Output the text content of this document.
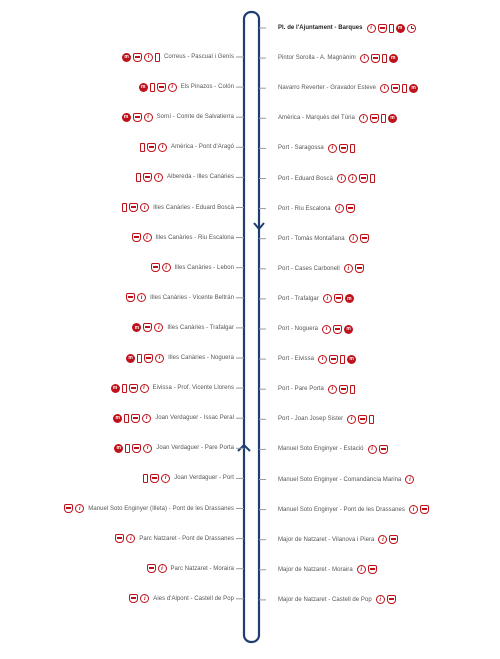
Pl. de l'Ajuntament - Barques	i	m
Pintor Sorolla - A. Magnànim	i	m
Navarro Reverter - Gravador Esteve	i	m
Amèrica - Marquès del Túria	i	m
Port - Saragossa	i
Port - Eduard Boscà	i	i
Port - Riu Escalona	i
Port - Tomàs Montañana	i
Port - Cases Carbonell	i
Port - Trafalgar	i	m
Port - Noguera	i	m
Port - Eivissa	i	m
Port - Pare Porta	i
Port - Joan Josep Sister	i
Manuel Soto Enginyer - Estació	i
Manuel Soto Enginyer - Comandància Marina	i
Manuel Soto Enginyer - Pont de les Drassanes	i
Major de Natzaret - Vilanova i Piera	i
Major de Natzaret - Moraira	i
Major de Natzaret - Castell de Pop	i
m	i	Correus - Pascual i Genís
m	i	Els Pinazos - Colón
m	i	Sorní - Comte de Salvatierra
i	Amèrica - Pont d'Aragó
i	Albereda - Illes Canàries
i	Illes Canàries - Eduard Boscà
i	Illes Canàries - Riu Escalona
i	Illes Canàries - Lebon
i	Illes Canàries - Vicente Beltrán
m	i	Illes Canàries - Trafalgar
m	i	Illes Canàries - Noguera
m	i	Eivissa - Prof. Vicente Llorens
m	i	Joan Verdaguer - Issac Peral
m	i	Joan Verdaguer - Pare Porta
i	Joan Verdaguer - Port
i	Manuel Soto Enginyer (Illeta) - Pont de les Drassanes
i	Parc Natzaret - Pont de Drassanes
i	Parc Natzaret - Moraira
i	Aies d'Alpont - Castell de Pop
